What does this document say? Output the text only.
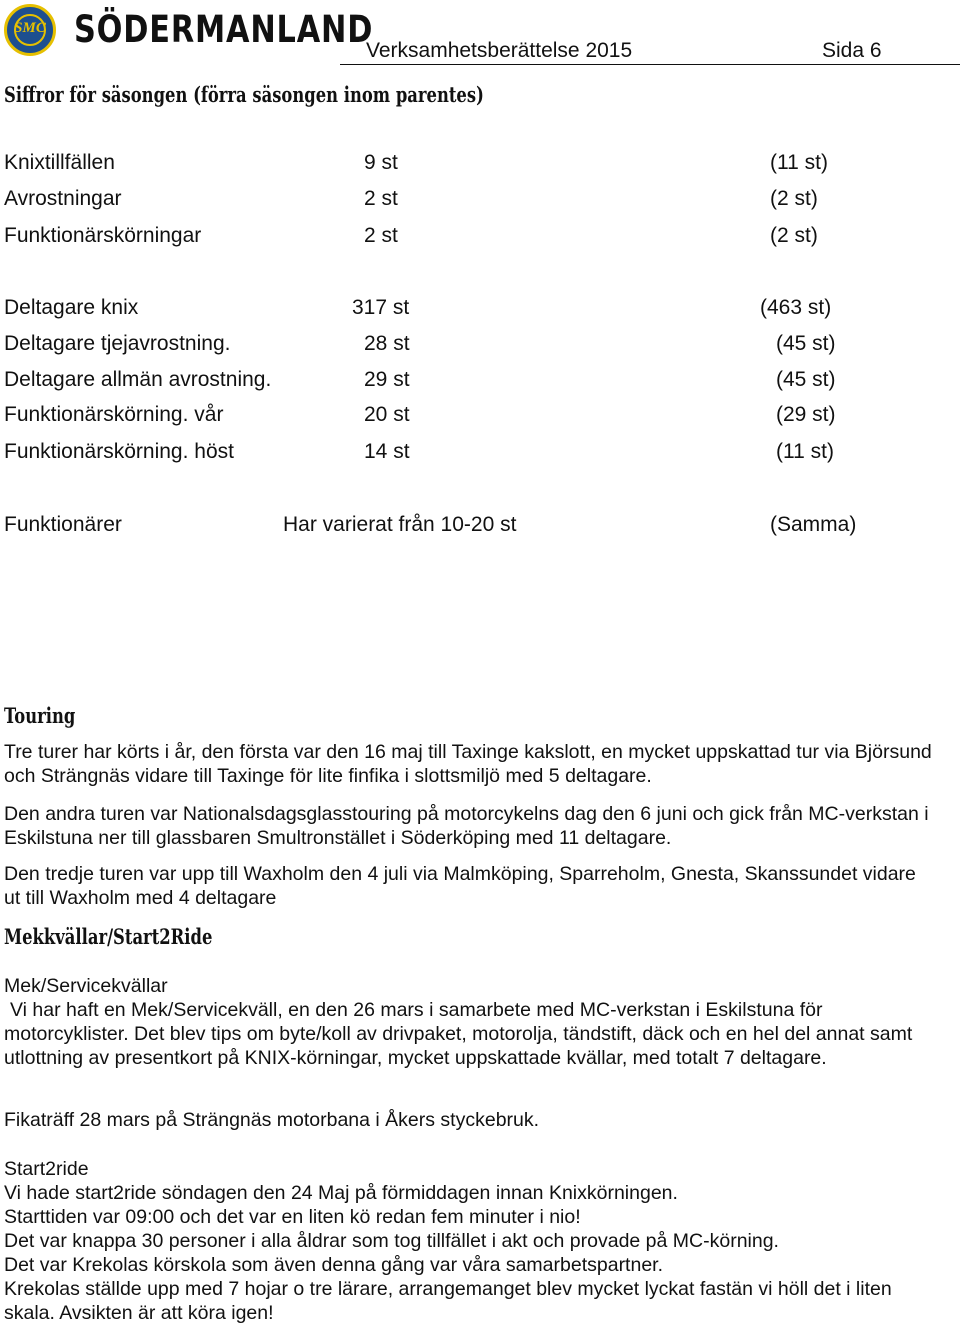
SMC SÖDERMANLAND
Verksamhetsberättelse 2015	Sida 6
Siffror för säsongen (förra säsongen inom parentes)
Knixtillfällen	9 st	(11 st)
Avrostningar	2 st	(2 st)
Funktionärskörningar	2 st	(2 st)
Deltagare knix	317 st	(463 st)
Deltagare tjejavrostning.	28 st	(45 st)
Deltagare allmän avrostning.	29 st	(45 st)
Funktionärskörning. vår	20 st	(29 st)
Funktionärskörning. höst	14 st	(11 st)
Funktionärer	Har varierat från 10-20 st	(Samma)
Touring

Tre turer har körts i år, den första var den 16 maj till Taxinge kakslott, en mycket uppskattad tur via Björsund och Strängnäs vidare till Taxinge för lite finfika i slottsmiljö med 5 deltagare.

Den andra turen var Nationalsdagsglasstouring på motorcykelns dag den 6 juni och gick från MC-verkstan i Eskilstuna ner till glassbaren Smultronstället i Söderköping med 11 deltagare.

Den tredje turen var upp till Waxholm den 4 juli via Malmköping, Sparreholm, Gnesta, Skanssundet vidare ut till Waxholm med 4 deltagare

Mekkvällar/Start2Ride

Mek/Servicekvällar

Vi har haft en Mek/Servicekväll, en den 26 mars i samarbete med MC-verkstan i Eskilstuna för motorcyklister. Det blev tips om byte/koll av drivpaket, motorolja, tändstift, däck och en hel del annat samt utlottning av presentkort på KNIX-körningar, mycket uppskattade kvällar, med totalt 7 deltagare.

Fikaträff 28 mars på Strängnäs motorbana i Åkers styckebruk.

Start2ride

Vi hade start2ride söndagen den 24 Maj på förmiddagen innan Knixkörningen.

Starttiden var 09:00 och det var en liten kö redan fem minuter i nio!

Det var knappa 30 personer i alla åldrar som tog tillfället i akt och provade på MC-körning.

Det var Krekolas körskola som även denna gång var våra samarbetspartner.

Krekolas ställde upp med 7 hojar o tre lärare, arrangemanget blev mycket lyckat fastän vi höll det i liten skala. Avsikten är att köra igen!
